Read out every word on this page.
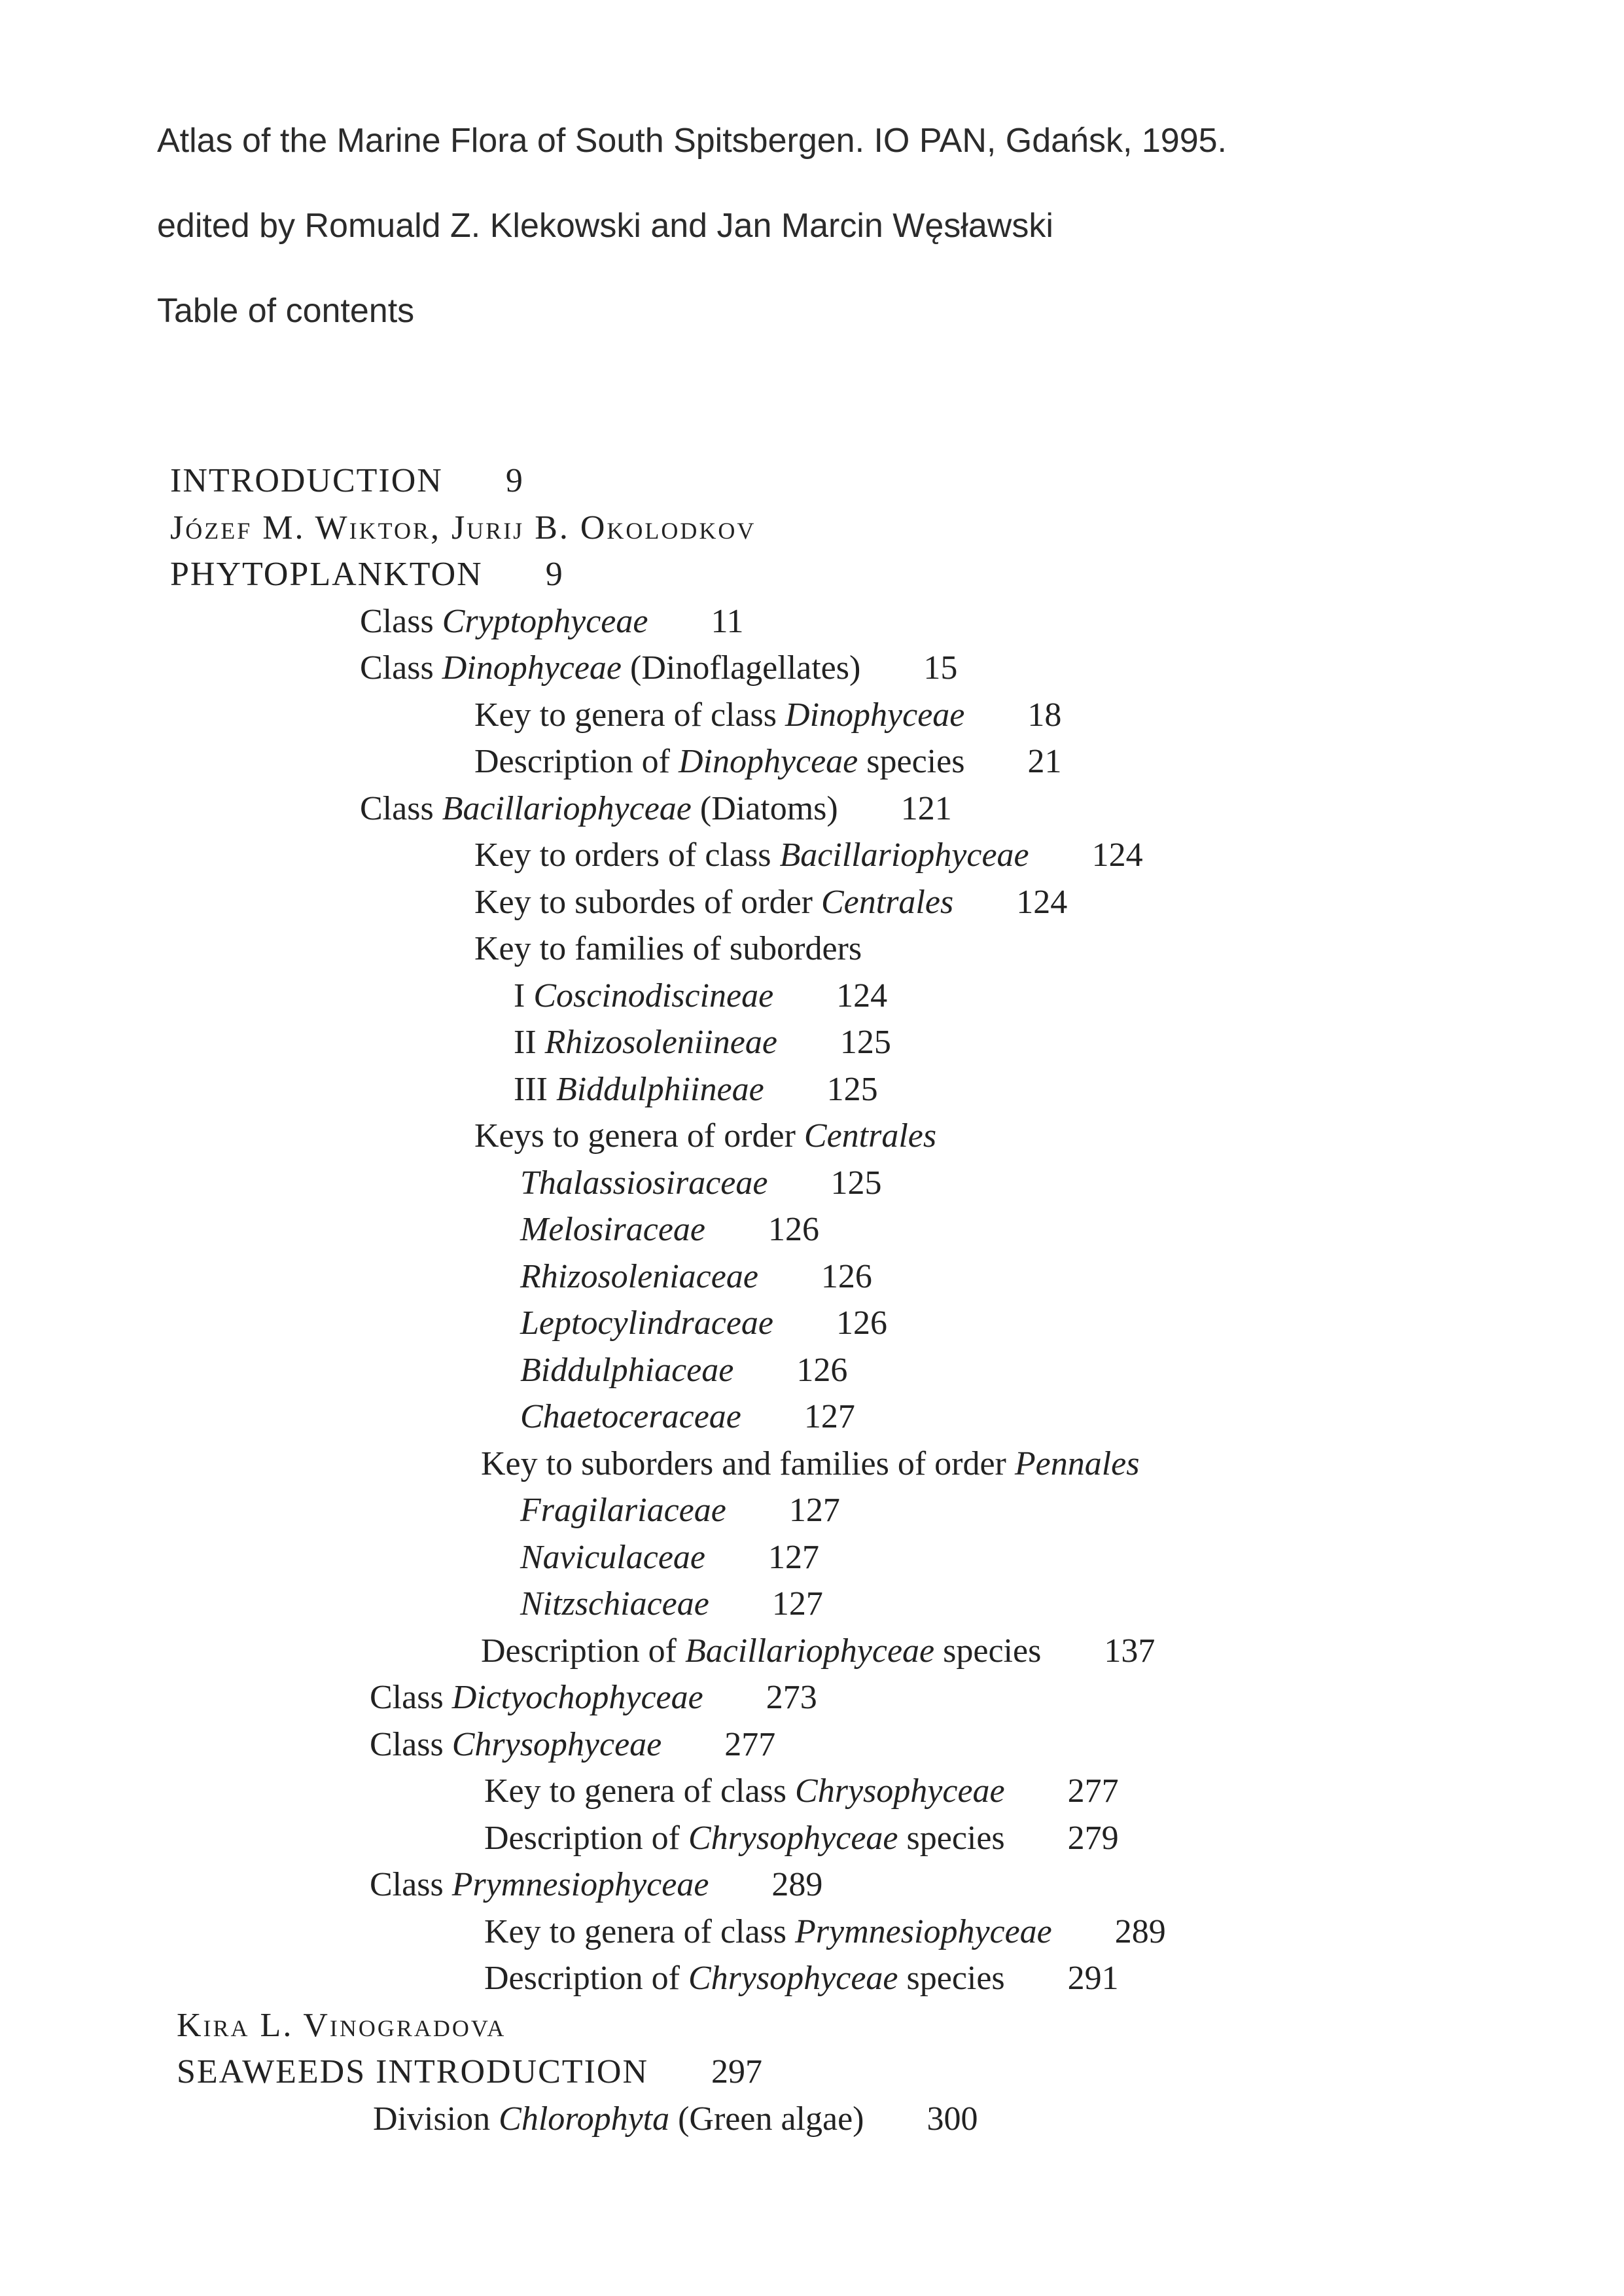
Atlas of the Marine Flora of South Spitsbergen. IO PAN, Gdańsk, 1995.
edited by Romuald Z. Klekowski and Jan Marcin Węsławski
Table of contents
INTRODUCTION 9
Józef M. Wiktor, Jurij B. Okolodkov
PHYTOPLANKTON 9
Class Cryptophyceae 11
Class Dinophyceae (Dinoflagellates) 15
Key to genera of class Dinophyceae 18
Description of Dinophyceae species 21
Class Bacillariophyceae (Diatoms) 121
Key to orders of class Bacillariophyceae 124
Key to subordes of order Centrales 124
Key to families of suborders
I Coscinodiscineae 124
II Rhizosoleniineae 125
III Biddulphiineae 125
Keys to genera of order Centrales
Thalassiosiraceae 125
Melosiraceae 126
Rhizosoleniaceae 126
Leptocylindraceae 126
Biddulphiaceae 126
Chaetoceraceae 127
Key to suborders and families of order Pennales
Fragilariaceae 127
Naviculaceae 127
Nitzschiaceae 127
Description of Bacillariophyceae species 137
Class Dictyochophyceae 273
Class Chrysophyceae 277
Key to genera of class Chrysophyceae 277
Description of Chrysophyceae species 279
Class Prymnesiophyceae 289
Key to genera of class Prymnesiophyceae 289
Description of Chrysophyceae species 291
Kira L. Vinogradova
SEAWEEDS INTRODUCTION 297
Division Chlorophyta (Green algae) 300
